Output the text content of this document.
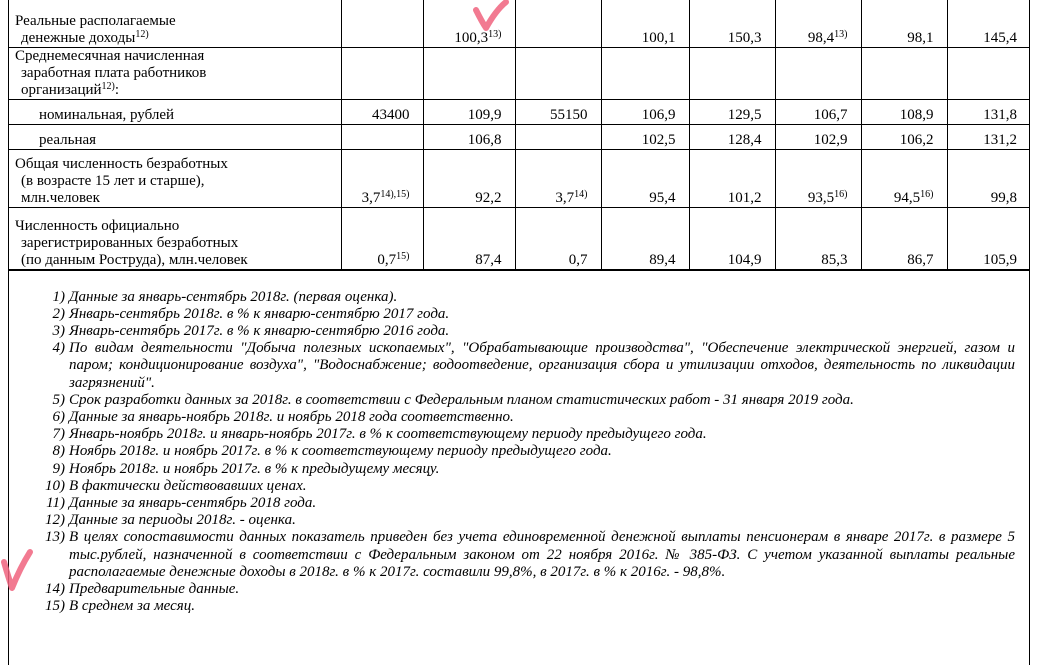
Реальные располагаемые
денежные доходы$^{12)}$		100,3$^{13)}$		100,1	150,3	98,4$^{13)}$	98,1	145,4

Среднемесячная начисленная
заработная плата работников
организаций$^{12)}$:								

номинальная, рублей	43400	109,9	55150	106,9	129,5	106,7	108,9	131,8

реальная		106,8		102,5	128,4	102,9	106,2	131,2

Общая численность безработных
(в возрасте 15 лет и старше),
млн.человек	$3,7^{14),15)}$	92,2	3,7$^{14)}$	95,4	101,2	93,5$^{16)}$	94,5$^{16)}$	99,8

Численность официально
зарегистрированных безработных
(по данным Роструда), млн.человек	0,7$^{15)}$	87,4	0,7	89,4	104,9	85,3	86,7	105,9
1) Данные за январь-сентябрь 2018г. (первая оценка).
2) Январь-сентябрь 2018г. в % к январю-сентябрю 2017 года.
3) Январь-сентябрь 2017г. в % к январю-сентябрю 2016 года.
4) По видам деятельности "Добыча полезных ископаемых", "Обрабатывающие производства", "Обеспечение электрической энергией, газом и паром; кондиционирование воздуха", "Водоснабжение; водоотведение, организация сбора и утилизации отходов, деятельность по ликвидации загрязнений".
5) Срок разработки данных за 2018г. в соответствии с Федеральным планом статистических работ - 31 января 2019 года.
6) Данные за январь-ноябрь 2018г. и ноябрь 2018 года соответственно.
7) Январь-ноябрь 2018г. и январь-ноябрь 2017г. в % к соответствующему периоду предыдущего года.
8) Ноябрь 2018г. и ноябрь 2017г. в % к соответствующему периоду предыдущего года.
9) Ноябрь 2018г. и ноябрь 2017г. в % к предыдущему месяцу.
10) В фактически действовавших ценах.
11) Данные за январь-сентябрь 2018 года.
12) Данные за периоды 2018г. - оценка.
13) В целях сопоставимости данных показатель приведен без учета единовременной денежной выплаты пенсионерам в январе 2017г. в размере 5 тыс.рублей, назначенной в соответствии с Федеральным законом от 22 ноября 2016г. № 385-ФЗ. С учетом указанной выплаты реальные располагаемые денежные доходы в 2018г. в % к 2017г. составили 99,8%, в 2017г. в % к 2016г. - 98,8%.
14) Предварительные данные.
15) В среднем за месяц.
